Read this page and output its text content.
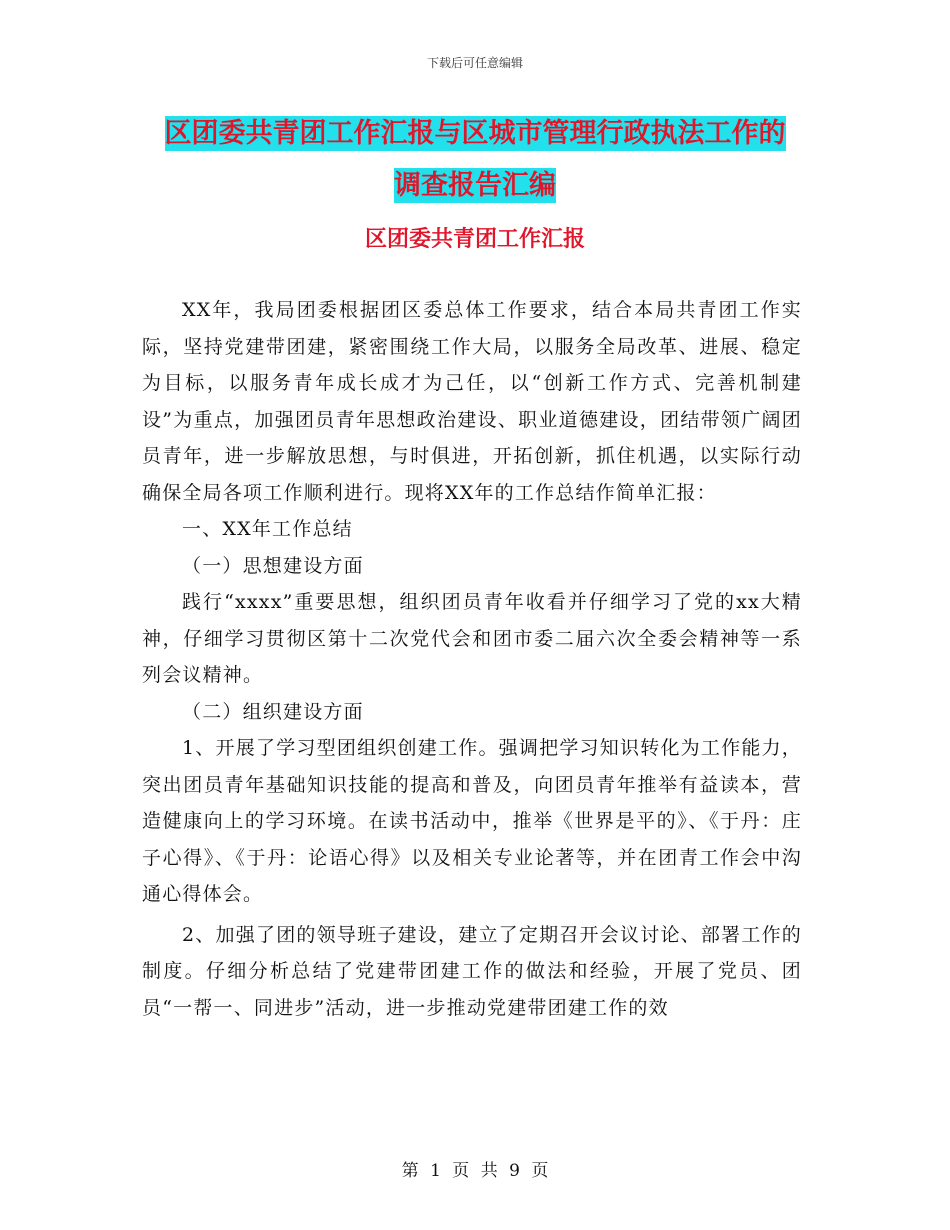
下载后可任意编辑
区团委共青团工作汇报与区城市管理行政执法工作的
调查报告汇编
区团委共青团工作汇报

XX年，我局团委根据团区委总体工作要求，结合本局共青团工作实际，坚持党建带团建，紧密围绕工作大局，以服务全局改革、进展、稳定为目标，以服务青年成长成才为己任，以“创新工作方式、完善机制建设”为重点，加强团员青年思想政治建设、职业道德建设，团结带领广阔团员青年，进一步解放思想，与时俱进，开拓创新，抓住机遇，以实际行动确保全局各项工作顺利进行。现将XX年的工作总结作简单汇报：

一、XX年工作总结

（一）思想建设方面

践行“xxxx”重要思想，组织团员青年收看并仔细学习了党的xx大精神，仔细学习贯彻区第十二次党代会和团市委二届六次全委会精神等一系列会议精神。

（二）组织建设方面

1、开展了学习型团组织创建工作。强调把学习知识转化为工作能力，突出团员青年基础知识技能的提高和普及，向团员青年推举有益读本，营造健康向上的学习环境。在读书活动中，推举《世界是平的》、《于丹：庄子心得》、《于丹：论语心得》以及相关专业论著等，并在团青工作会中沟通心得体会。

2、加强了团的领导班子建设，建立了定期召开会议讨论、部署工作的制度。仔细分析总结了党建带团建工作的做法和经验，开展了党员、团员“一帮一、同进步”活动，进一步推动党建带团建工作的效

第 1 页 共 9 页
